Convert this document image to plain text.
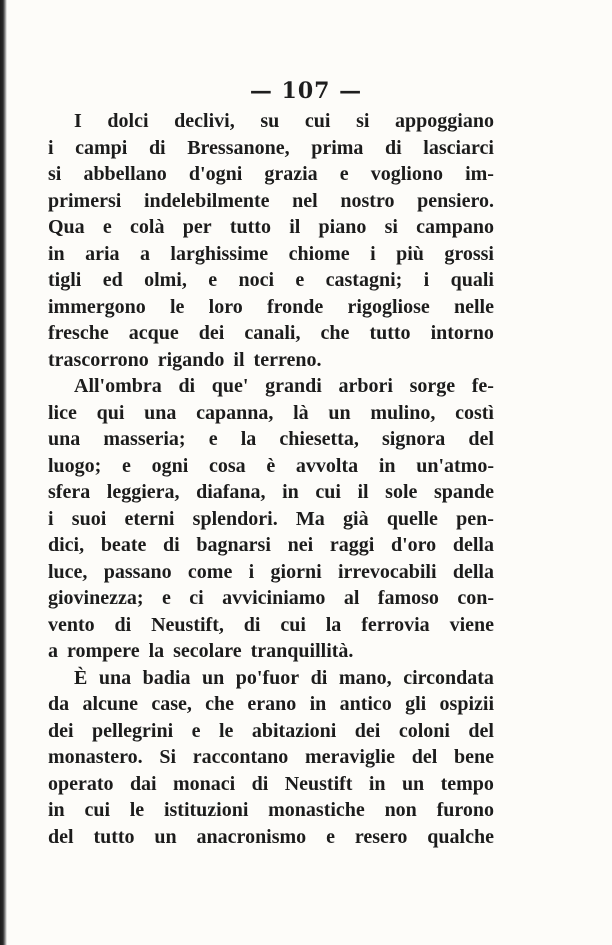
— 107 —
I dolci declivi, su cui si appoggiano
i campi di Bressanone, prima di lasciarci
si abbellano d'ogni grazia e vogliono im-
primersi indelebilmente nel nostro pensiero.
Qua e colà per tutto il piano si campano
in aria a larghissime chiome i più grossi
tigli ed olmi, e noci e castagni; i quali
immergono le loro fronde rigogliose nelle
fresche acque dei canali, che tutto intorno
trascorrono rigando il terreno.
All'ombra di que' grandi arbori sorge fe-
lice qui una capanna, là un mulino, costì
una masseria; e la chiesetta, signora del
luogo; e ogni cosa è avvolta in un'atmo-
sfera leggiera, diafana, in cui il sole spande
i suoi eterni splendori. Ma già quelle pen-
dici, beate di bagnarsi nei raggi d'oro della
luce, passano come i giorni irrevocabili della
giovinezza; e ci avviciniamo al famoso con-
vento di Neustift, di cui la ferrovia viene
a rompere la secolare tranquillità.
È una badia un po'fuor di mano, circondata
da alcune case, che erano in antico gli ospizii
dei pellegrini e le abitazioni dei coloni del
monastero. Si raccontano meraviglie del bene
operato dai monaci di Neustift in un tempo
in cui le istituzioni monastiche non furono
del tutto un anacronismo e resero qualche
